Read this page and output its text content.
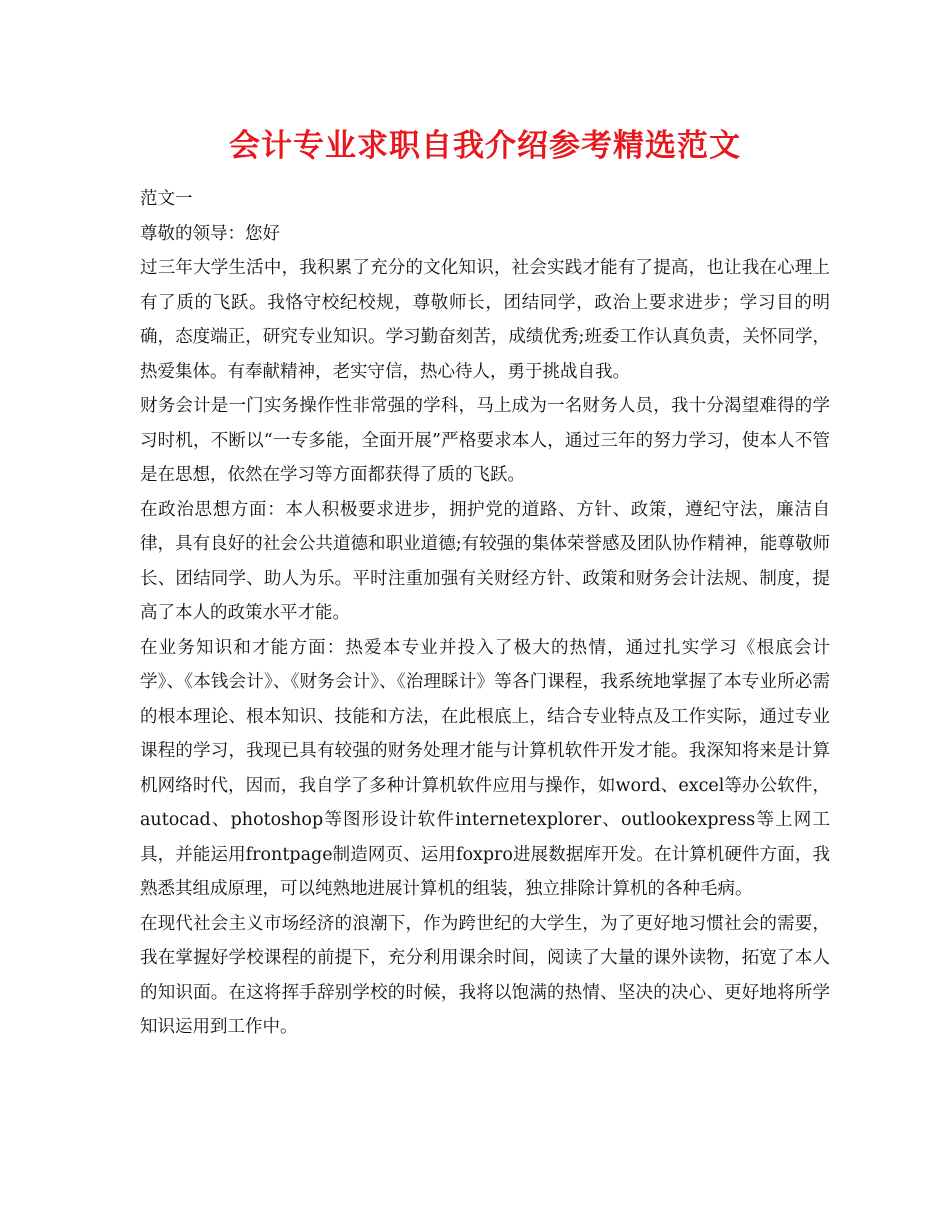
会计专业求职自我介绍参考精选范文

范文一

尊敬的领导：您好

过三年大学生活中，我积累了充分的文化知识，社会实践才能有了提高，也让我在心理上有了质的飞跃。我恪守校纪校规，尊敬师长，团结同学，政治上要求进步；学习目的明确，态度端正，研究专业知识。学习勤奋刻苦，成绩优秀;班委工作认真负责，关怀同学，热爱集体。有奉献精神，老实守信，热心待人，勇于挑战自我。

财务会计是一门实务操作性非常强的学科，马上成为一名财务人员，我十分渴望难得的学习时机，不断以“一专多能，全面开展”严格要求本人，通过三年的努力学习，使本人不管是在思想，依然在学习等方面都获得了质的飞跃。

在政治思想方面：本人积极要求进步，拥护党的道路、方针、政策，遵纪守法，廉洁自律，具有良好的社会公共道德和职业道德;有较强的集体荣誉感及团队协作精神，能尊敬师长、团结同学、助人为乐。平时注重加强有关财经方针、政策和财务会计法规、制度，提高了本人的政策水平才能。

在业务知识和才能方面：热爱本专业并投入了极大的热情，通过扎实学习《根底会计学》、《本钱会计》、《财务会计》、《治理睬计》等各门课程，我系统地掌握了本专业所必需的根本理论、根本知识、技能和方法，在此根底上，结合专业特点及工作实际，通过专业课程的学习，我现已具有较强的财务处理才能与计算机软件开发才能。我深知将来是计算机网络时代，因而，我自学了多种计算机软件应用与操作，如word、excel等办公软件，autocad、photoshop等图形设计软件internetexplorer、outlookexpress等上网工具，并能运用frontpage制造网页、运用foxpro进展数据库开发。在计算机硬件方面，我熟悉其组成原理，可以纯熟地进展计算机的组装，独立排除计算机的各种毛病。

在现代社会主义市场经济的浪潮下，作为跨世纪的大学生，为了更好地习惯社会的需要，我在掌握好学校课程的前提下，充分利用课余时间，阅读了大量的课外读物，拓宽了本人的知识面。在这将挥手辞别学校的时候，我将以饱满的热情、坚决的决心、更好地将所学知识运用到工作中。
